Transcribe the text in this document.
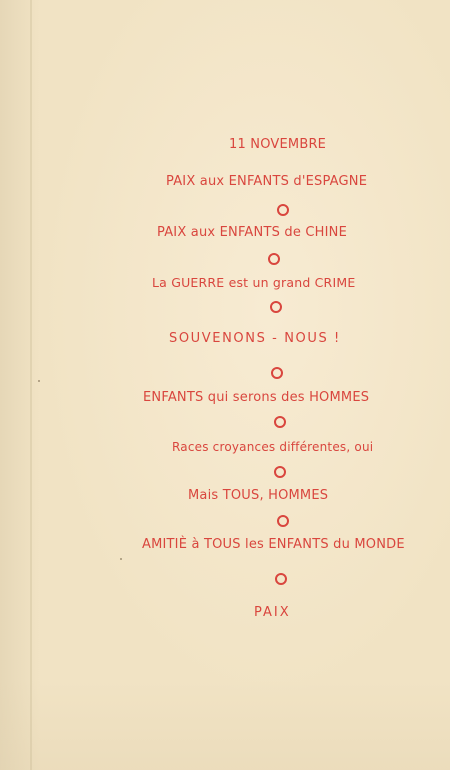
11 NOVEMBRE
PAIX aux ENFANTS d'ESPAGNE
PAIX aux ENFANTS de CHINE
La GUERRE est un grand CRIME
SOUVENONS - NOUS !
ENFANTS qui serons des HOMMES
Races croyances différentes, oui
Mais TOUS, HOMMES
AMITIÈ à TOUS les ENFANTS du MONDE
PAIX
